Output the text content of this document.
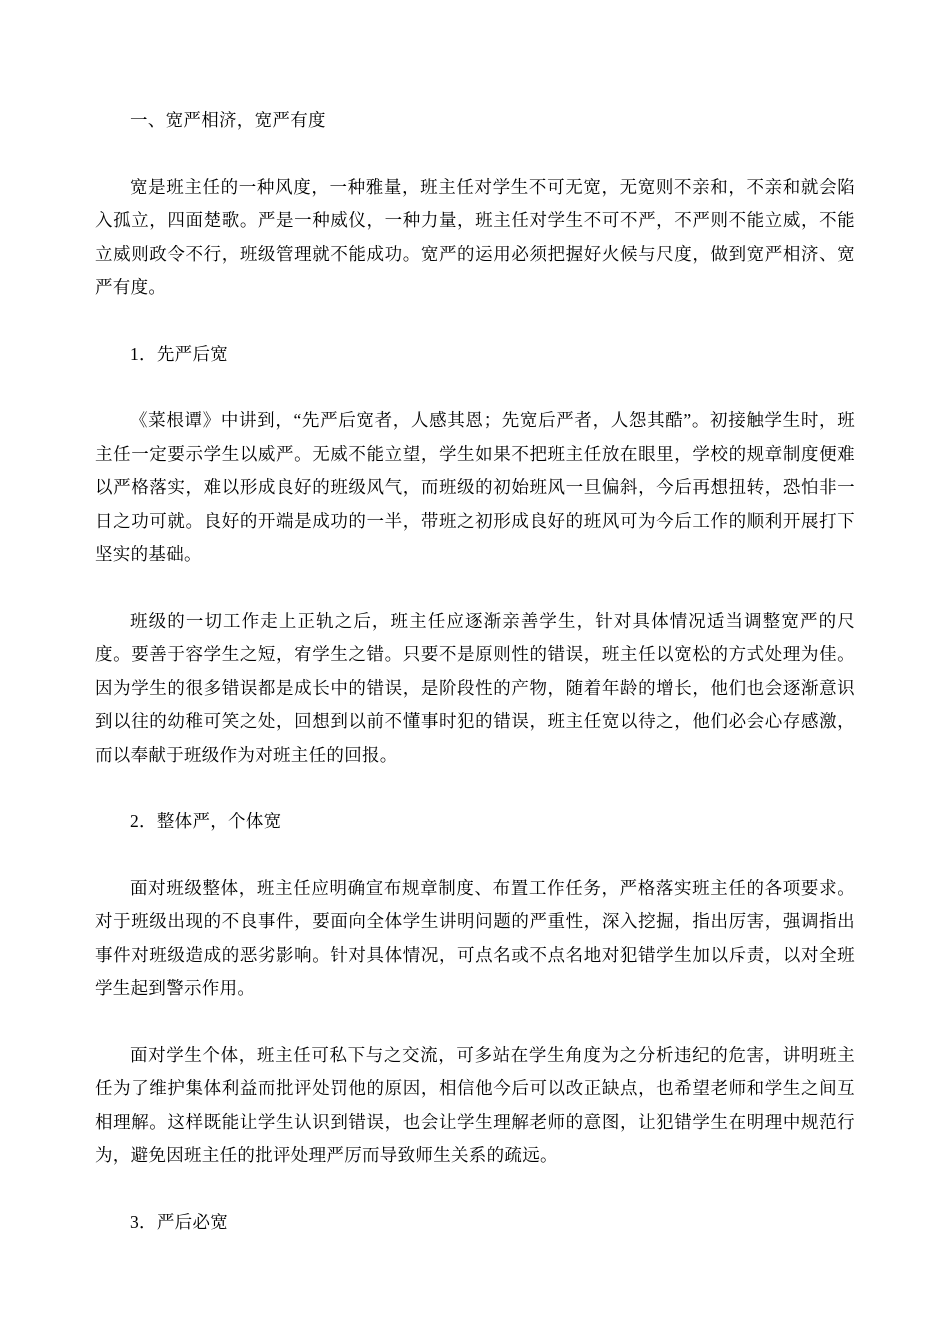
一、宽严相济，宽严有度

宽是班主任的一种风度，一种雅量，班主任对学生不可无宽，无宽则不亲和，不亲和就会陷入孤立，四面楚歌。严是一种威仪，一种力量，班主任对学生不可不严，不严则不能立威，不能立威则政令不行，班级管理就不能成功。宽严的运用必须把握好火候与尺度，做到宽严相济、宽严有度。

1．先严后宽

《菜根谭》中讲到，“先严后宽者，人感其恩；先宽后严者，人怨其酷”。初接触学生时，班主任一定要示学生以威严。无威不能立望，学生如果不把班主任放在眼里，学校的规章制度便难以严格落实，难以形成良好的班级风气，而班级的初始班风一旦偏斜，今后再想扭转，恐怕非一日之功可就。良好的开端是成功的一半，带班之初形成良好的班风可为今后工作的顺利开展打下坚实的基础。

班级的一切工作走上正轨之后，班主任应逐渐亲善学生，针对具体情况适当调整宽严的尺度。要善于容学生之短，宥学生之错。只要不是原则性的错误，班主任以宽松的方式处理为佳。因为学生的很多错误都是成长中的错误，是阶段性的产物，随着年龄的增长，他们也会逐渐意识到以往的幼稚可笑之处，回想到以前不懂事时犯的错误，班主任宽以待之，他们必会心存感激，而以奉献于班级作为对班主任的回报。

2．整体严，个体宽

面对班级整体，班主任应明确宣布规章制度、布置工作任务，严格落实班主任的各项要求。对于班级出现的不良事件，要面向全体学生讲明问题的严重性，深入挖掘，指出厉害，强调指出事件对班级造成的恶劣影响。针对具体情况，可点名或不点名地对犯错学生加以斥责，以对全班学生起到警示作用。

面对学生个体，班主任可私下与之交流，可多站在学生角度为之分析违纪的危害，讲明班主任为了维护集体利益而批评处罚他的原因，相信他今后可以改正缺点，也希望老师和学生之间互相理解。这样既能让学生认识到错误，也会让学生理解老师的意图，让犯错学生在明理中规范行为，避免因班主任的批评处理严厉而导致师生关系的疏远。

3．严后必宽
